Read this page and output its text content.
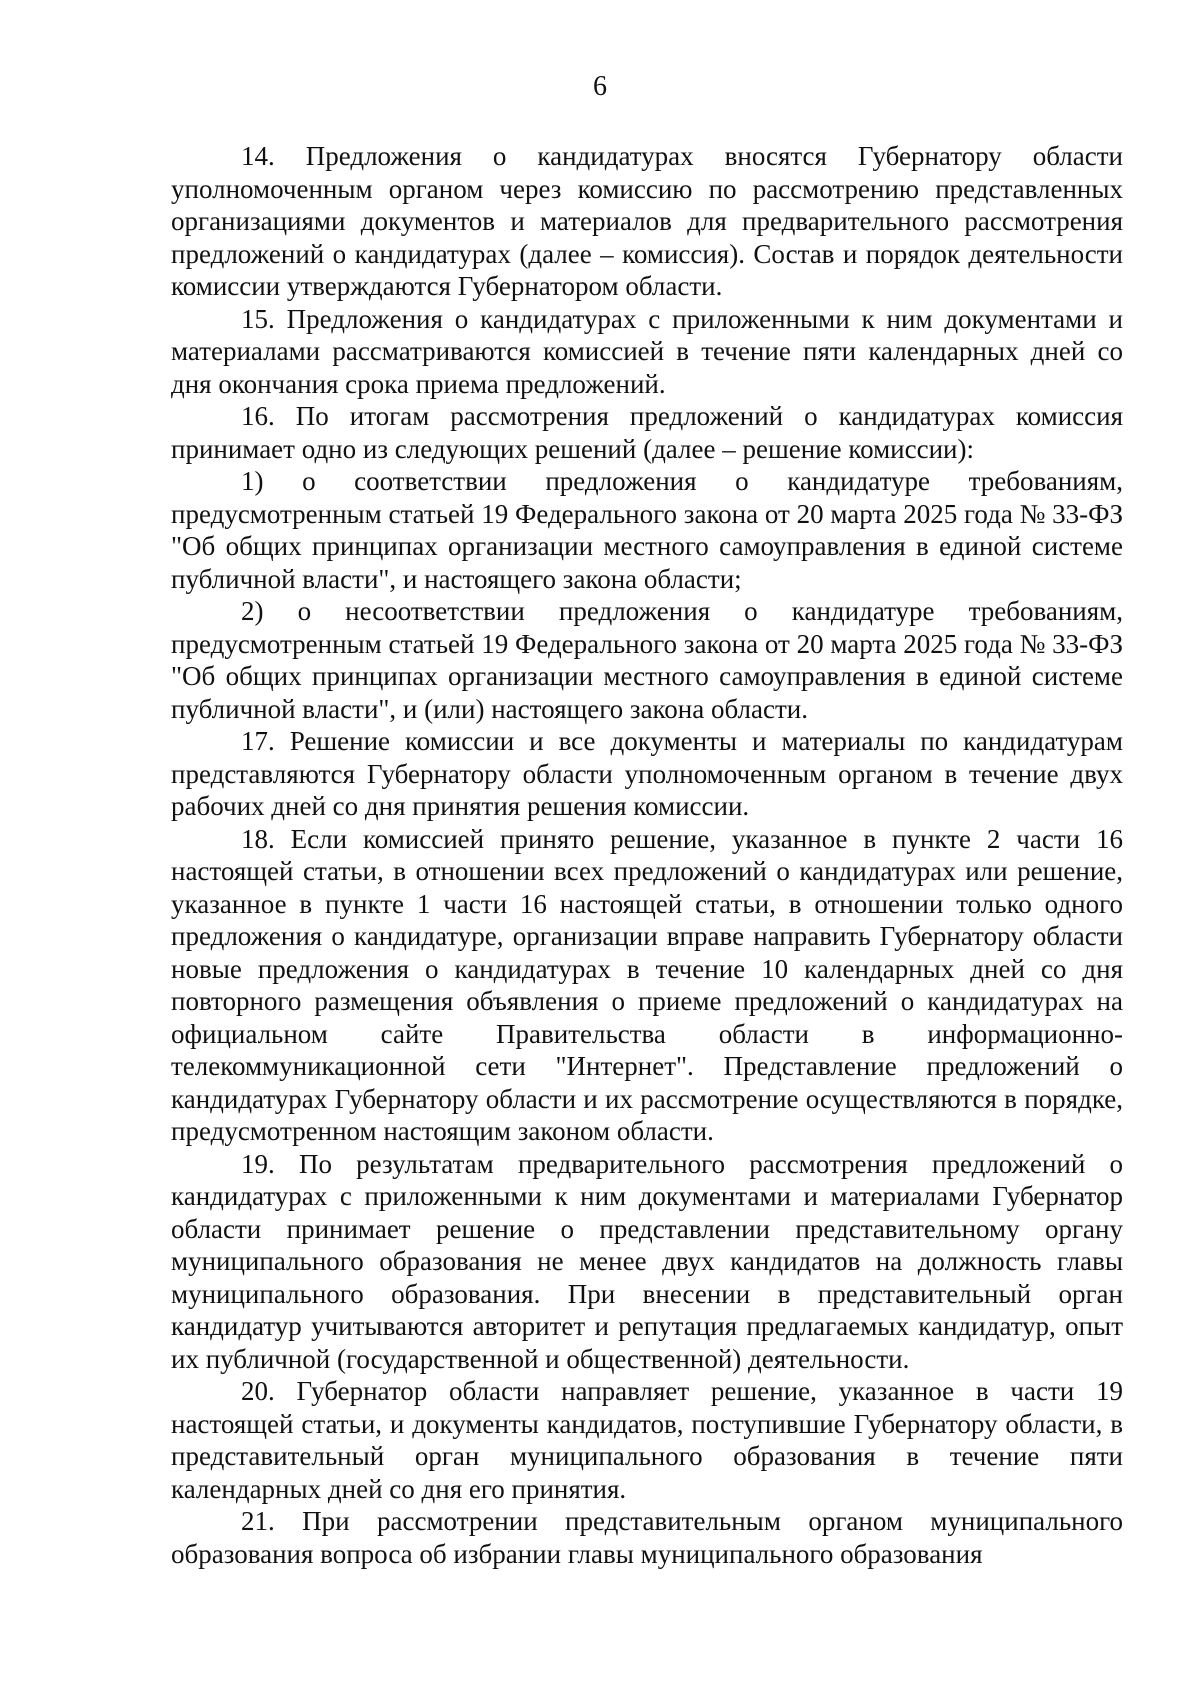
6

14. Предложения о кандидатурах вносятся Губернатору области уполномоченным органом через комиссию по рассмотрению представленных организациями документов и материалов для предварительного рассмотрения предложений о кандидатурах (далее – комиссия). Состав и порядок деятельности комиссии утверждаются Губернатором области.

15. Предложения о кандидатурах с приложенными к ним документами и материалами рассматриваются комиссией в течение пяти календарных дней со дня окончания срока приема предложений.

16. По итогам рассмотрения предложений о кандидатурах комиссия принимает одно из следующих решений (далее – решение комиссии):

1) о соответствии предложения о кандидатуре требованиям, предусмотренным статьей 19 Федерального закона от 20 марта 2025 года № 33-ФЗ "Об общих принципах организации местного самоуправления в единой системе публичной власти", и настоящего закона области;

2) о несоответствии предложения о кандидатуре требованиям, предусмотренным статьей 19 Федерального закона от 20 марта 2025 года № 33-ФЗ "Об общих принципах организации местного самоуправления в единой системе публичной власти", и (или) настоящего закона области.

17. Решение комиссии и все документы и материалы по кандидатурам представляются Губернатору области уполномоченным органом в течение двух рабочих дней со дня принятия решения комиссии.

18. Если комиссией принято решение, указанное в пункте 2 части 16 настоящей статьи, в отношении всех предложений о кандидатурах или решение, указанное в пункте 1 части 16 настоящей статьи, в отношении только одного предложения о кандидатуре, организации вправе направить Губернатору области новые предложения о кандидатурах в течение 10 календарных дней со дня повторного размещения объявления о приеме предложений о кандидатурах на официальном сайте Правительства области в информационно-телекоммуникационной сети "Интернет". Представление предложений о кандидатурах Губернатору области и их рассмотрение осуществляются в порядке, предусмотренном настоящим законом области.

19. По результатам предварительного рассмотрения предложений о кандидатурах с приложенными к ним документами и материалами Губернатор области принимает решение о представлении представительному органу муниципального образования не менее двух кандидатов на должность главы муниципального образования. При внесении в представительный орган кандидатур учитываются авторитет и репутация предлагаемых кандидатур, опыт их публичной (государственной и общественной) деятельности.

20. Губернатор области направляет решение, указанное в части 19 настоящей статьи, и документы кандидатов, поступившие Губернатору области, в представительный орган муниципального образования в течение пяти календарных дней со дня его принятия.

21. При рассмотрении представительным органом муниципального образования вопроса об избрании главы муниципального образования
